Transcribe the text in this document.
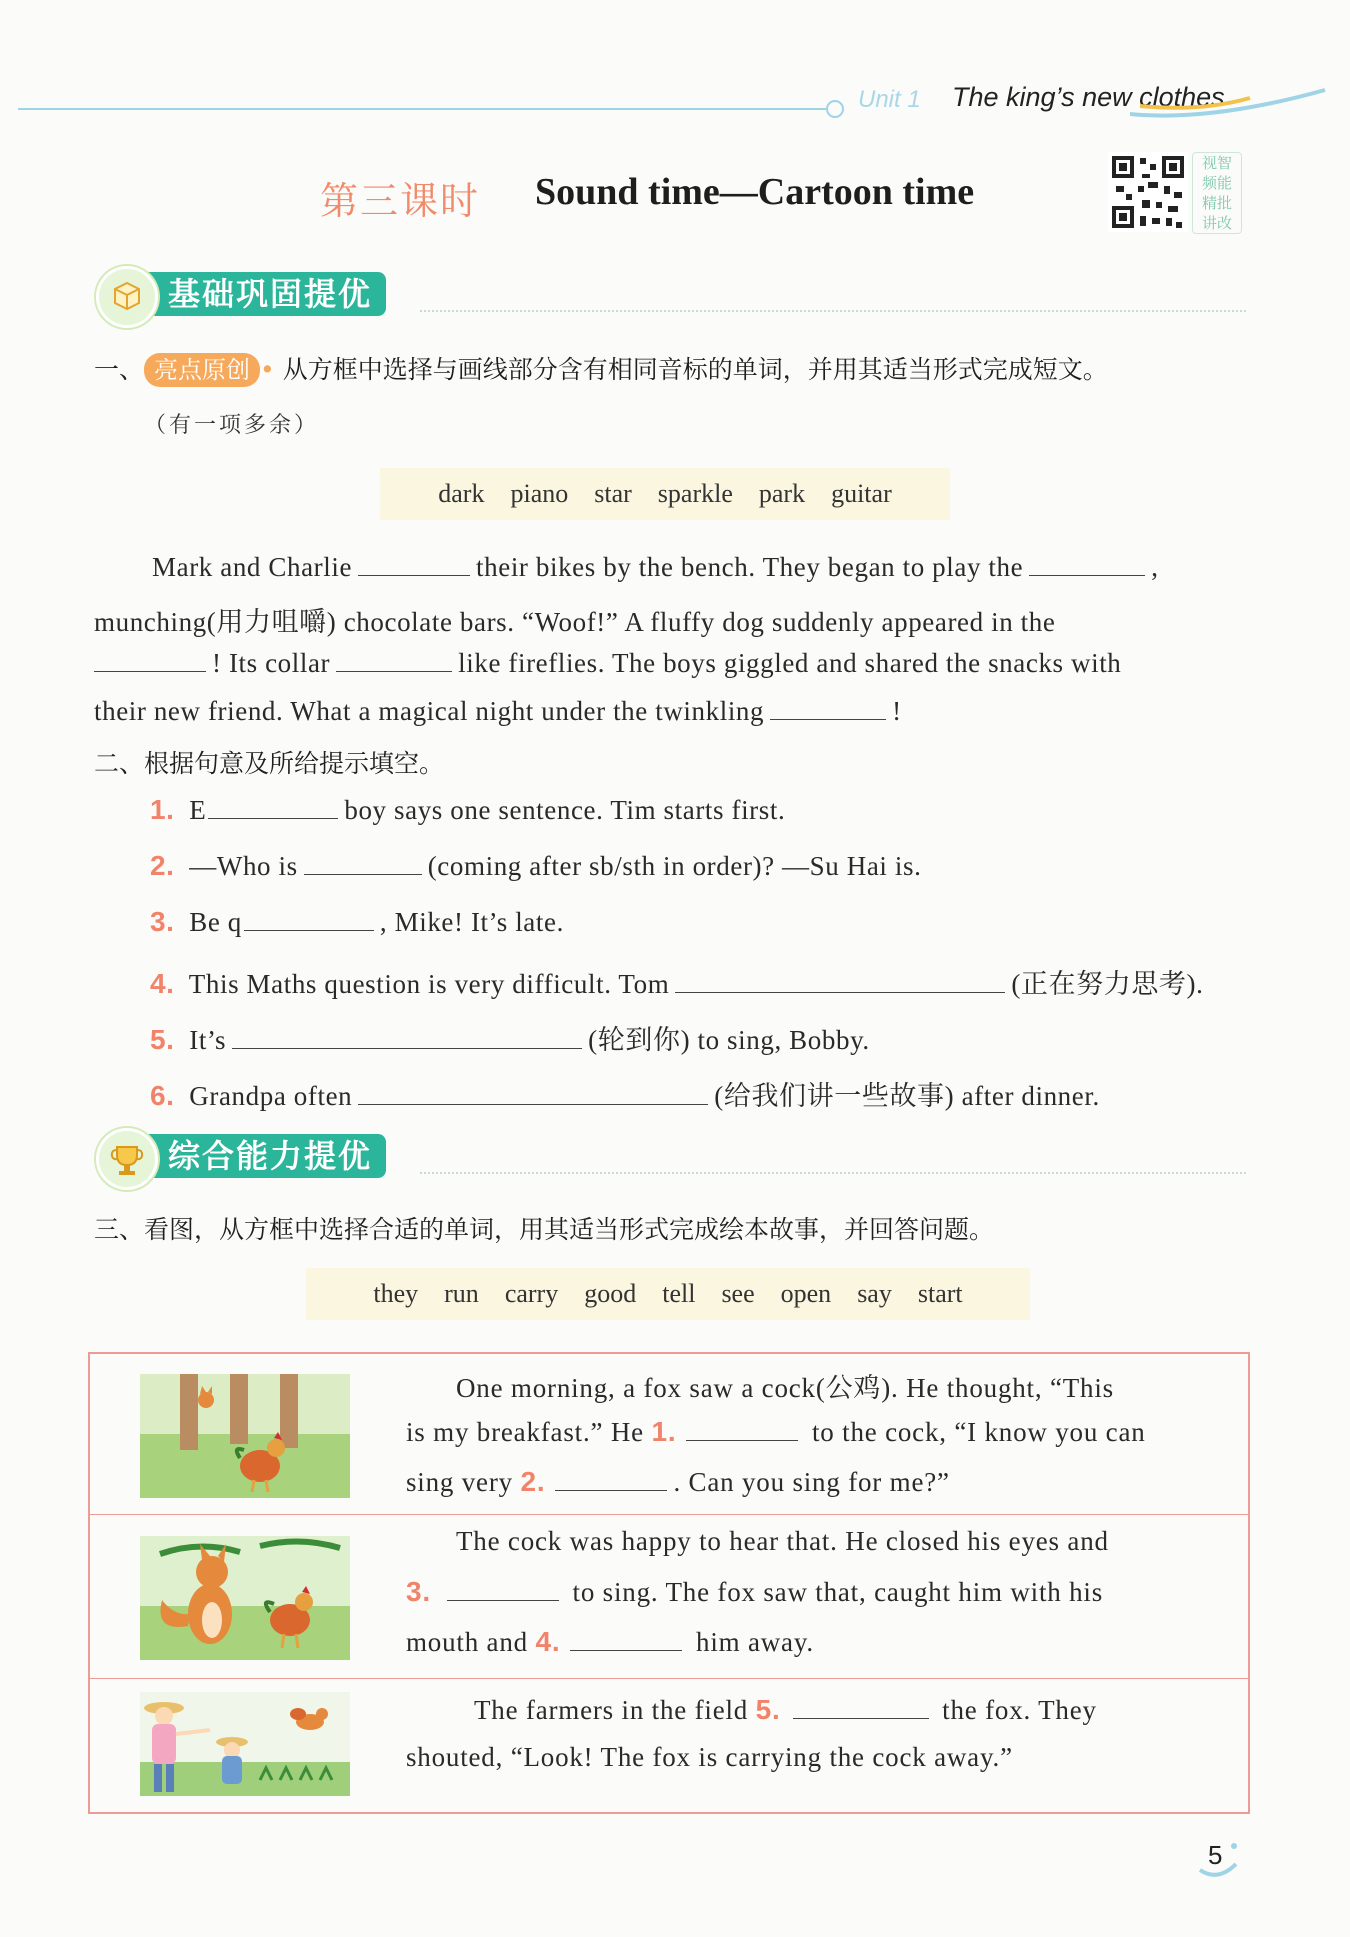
Unit 1 The king’s new clothes
第三课时 Sound time—Cartoon time
视智
频能
精批
讲改
基础巩固提优
一、 亮点原创 • 从方框中选择与画线部分含有相同音标的单词，并用其适当形式完成短文。
（有一项多余）
dark piano star sparkle park guitar
Mark and Charlie	their bikes by the bench. They began to play the	,
munching(用力咀嚼) chocolate bars. “Woof!” A fluffy dog suddenly appeared in the
! Its collar	like fireflies. The boys giggled and shared the snacks with
their new friend. What a magical night under the twinkling	!
二、根据句意及所给提示填空。
1. E	boy says one sentence. Tim starts first.
2. —Who is	(coming after sb/sth in order)? —Su Hai is.
3. Be q	, Mike! It’s late.
4. This Maths question is very difficult. Tom	(正在努力思考).
5. It’s	(轮到你) to sing, Bobby.
6. Grandpa often	(给我们讲一些故事) after dinner.
综合能力提优
三、看图，从方框中选择合适的单词，用其适当形式完成绘本故事，并回答问题。
they run carry good tell see open say start
One morning, a fox saw a cock(公鸡). He thought, “This
is my breakfast.” He 1.	to the cock, “I know you can
sing very 2.	. Can you sing for me?”
The cock was happy to hear that. He closed his eyes and
3.	to sing. The fox saw that, caught him with his
mouth and 4.	him away.
The farmers in the field 5.	the fox. They
shouted, “Look! The fox is carrying the cock away.”
5
